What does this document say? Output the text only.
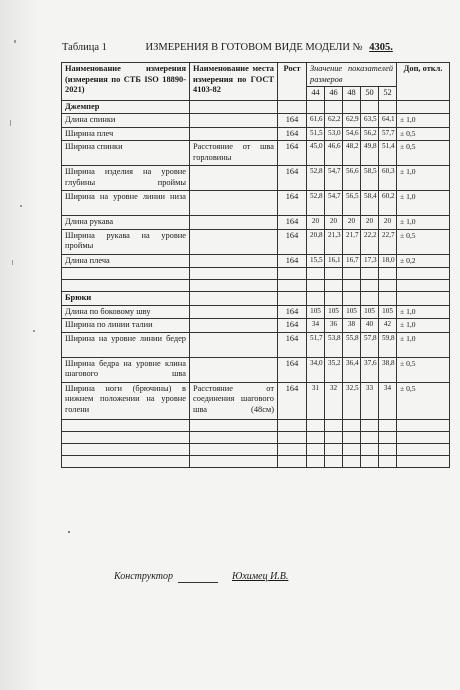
Таблица 1	ИЗМЕРЕНИЯ В ГОТОВОМ ВИДЕ МОДЕЛИ № 4305.
Наименование измерения (измерения по СТБ ISO 18890-2021)	Наименование места измерения по ГОСТ 4103-82	Рост	Значение показателей размеров					Доп, откл.
			44	46	48	50	52	
Джемпер								
Длина спинки		164	61,6	62,2	62,9	63,5	64,1	± 1,0
Ширина плеч		164	51,5	53,0	54,6	56,2	57,7	± 0,5
Ширина спинки	Расстояние от шва горловины	164	45,0	46,6	48,2	49,8	51,4	± 0,5
Ширина изделия на уровне глубины проймы		164	52,8	54,7	56,6	58,5	60,3	± 1,0
Ширина на уровне линии низа		164	52,8	54,7	56,5	58,4	60,2	± 1,0
Длина рукава		164	20	20	20	20	20	± 1,0
Ширина рукава на уровне проймы		164	20,8	21,3	21,7	22,2	22,7	± 0,5
Длина плеча		164	15,5	16,1	16,7	17,3	18,0	± 0,2

Брюки								
Длина по боковому шву		164	105	105	105	105	105	± 1,0
Ширина по линии талии		164	34	36	38	40	42	± 1,0
Ширина на уровне линии бедер		164	51,7	53,8	55,8	57,8	59,8	± 1,0
Ширина бедра на уровне клина шагового шва		164	34,0	35,2	36,4	37,6	38,8	± 0,5
Ширина ноги (брючины) в нижнем положении на уровне голени	Расстояние от соединения шагового шва (48см)	164	31	32	32,5	33	34	± 0,5

Конструктор	Юхимец И.В.
